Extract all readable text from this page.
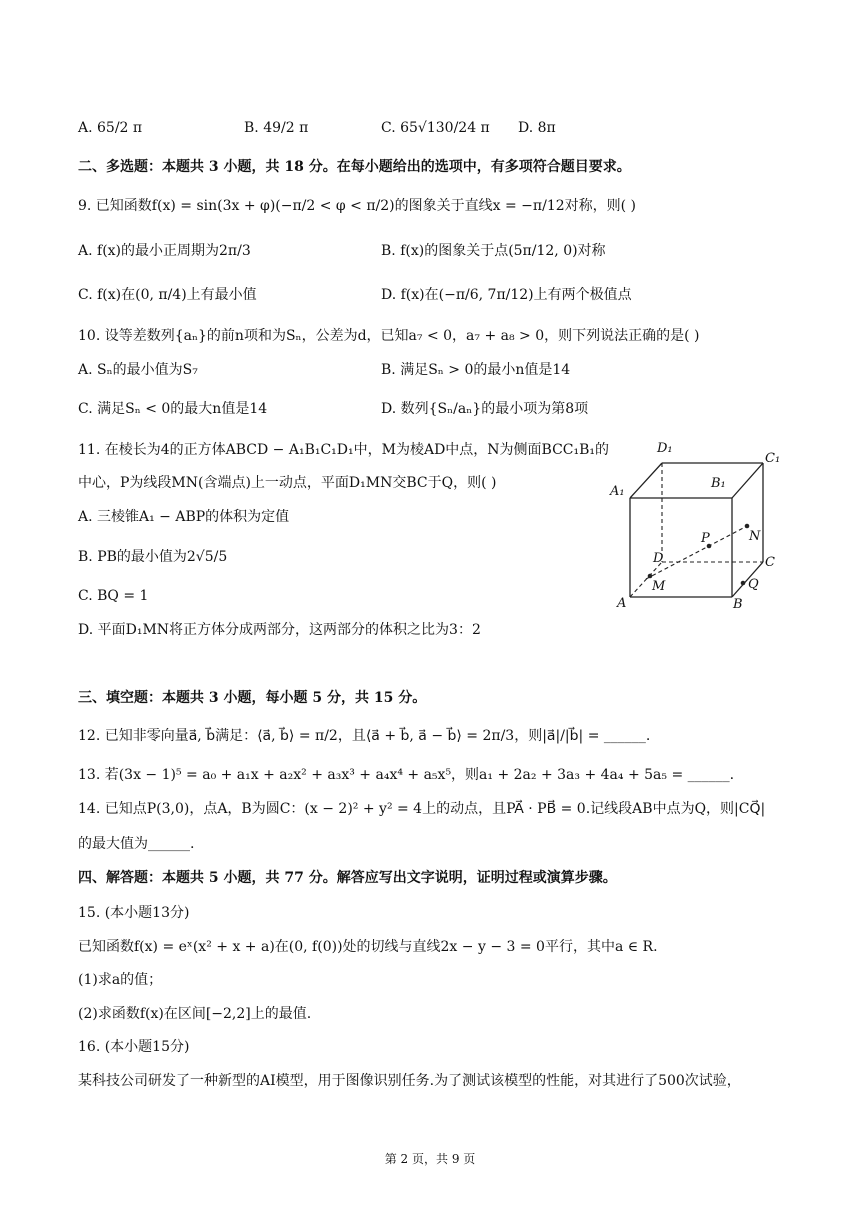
A. 65/2 π	B. 49/2 π	C. 65√130/24 π D. 8π
二、多选题：本题共 3 小题，共 18 分。在每小题给出的选项中，有多项符合题目要求。
9. 已知函数f(x) = sin(3x + φ)(−π/2 < φ < π/2)的图象关于直线x = −π/12对称，则( )
A. f(x)的最小正周期为2π/3	B. f(x)的图象关于点(5π/12, 0)对称
C. f(x)在(0, π/4)上有最小值	D. f(x)在(−π/6, 7π/12)上有两个极值点
10. 设等差数列{aₙ}的前n项和为Sₙ，公差为d，已知a₇ < 0，a₇ + a₈ > 0，则下列说法正确的是( )
A. Sₙ的最小值为S₇	B. 满足Sₙ > 0的最小n值是14
C. 满足Sₙ < 0的最大n值是14	D. 数列{Sₙ/aₙ}的最小项为第8项
11. 在棱长为4的正方体ABCD − A₁B₁C₁D₁中，M为棱AD中点，N为侧面BCC₁B₁的
中心，P为线段MN(含端点)上一动点，平面D₁MN交BC于Q，则( )
A. 三棱锥A₁ − ABP的体积为定值
B. PB的最小值为2√5/5
C. BQ = 1
D. 平面D₁MN将正方体分成两部分，这两部分的体积之比为3：2
D₁
C₁
A₁
B₁
P	N
D	C
M	Q
A	B
三、填空题：本题共 3 小题，每小题 5 分，共 15 分。
12. 已知非零向量a⃗, b⃗满足：⟨a⃗, b⃗⟩ = π/2，且⟨a⃗ + b⃗, a⃗ − b⃗⟩ = 2π/3，则|a⃗|/|b⃗| = ______.
13. 若(3x − 1)⁵ = a₀ + a₁x + a₂x² + a₃x³ + a₄x⁴ + a₅x⁵，则a₁ + 2a₂ + 3a₃ + 4a₄ + 5a₅ = ______.
14. 已知点P(3,0)，点A，B为圆C：(x − 2)² + y² = 4上的动点，且PA⃗ · PB⃗ = 0.记线段AB中点为Q，则|CQ⃗|
的最大值为______.
四、解答题：本题共 5 小题，共 77 分。解答应写出文字说明，证明过程或演算步骤。
15. (本小题13分)
已知函数f(x) = eˣ(x² + x + a)在(0, f(0))处的切线与直线2x − y − 3 = 0平行，其中a ∈ R.
(1)求a的值；
(2)求函数f(x)在区间[−2,2]上的最值.
16. (本小题15分)
某科技公司研发了一种新型的AI模型，用于图像识别任务.为了测试该模型的性能，对其进行了500次试验，
第 2 页，共 9 页
